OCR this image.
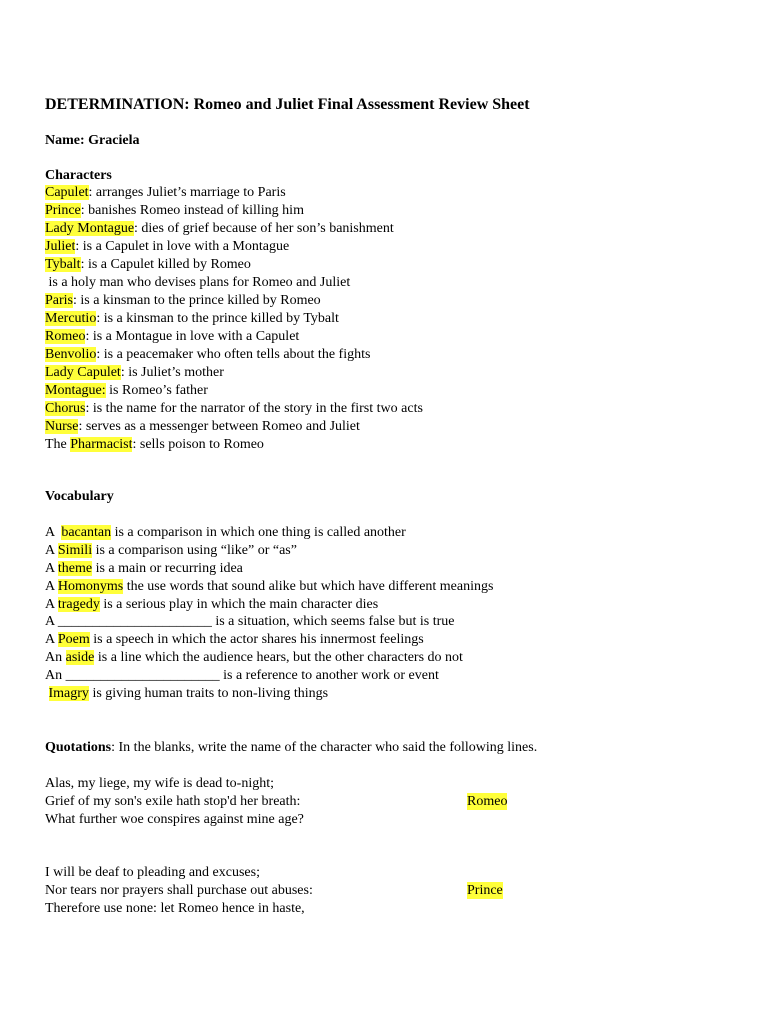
DETERMINATION: Romeo and Juliet Final Assessment Review Sheet
Name: Graciela
Characters
Capulet: arranges Juliet’s marriage to Paris
Prince: banishes Romeo instead of killing him
Lady Montague: dies of grief because of her son’s banishment
Juliet: is a Capulet in love with a Montague
Tybalt: is a Capulet killed by Romeo
is a holy man who devises plans for Romeo and Juliet
Paris: is a kinsman to the prince killed by Romeo
Mercutio: is a kinsman to the prince killed by Tybalt
Romeo: is a Montague in love with a Capulet
Benvolio: is a peacemaker who often tells about the fights
Lady Capulet: is Juliet’s mother
Montague: is Romeo’s father
Chorus: is the name for the narrator of the story in the first two acts
Nurse: serves as a messenger between Romeo and Juliet
The Pharmacist: sells poison to Romeo
Vocabulary
A  bacantan is a comparison in which one thing is called another
A Simili is a comparison using “like” or “as”
A theme is a main or recurring idea
A Homonyms the use words that sound alike but which have different meanings
A tragedy is a serious play in which the main character dies
A ______________________ is a situation, which seems false but is true
A Poem is a speech in which the actor shares his innermost feelings
An aside is a line which the audience hears, but the other characters do not
An ______________________ is a reference to another work or event
Imagry is giving human traits to non-living things
Quotations: In the blanks, write the name of the character who said the following lines.
Alas, my liege, my wife is dead to-night;
Grief of my son's exile hath stop'd her breath:	Romeo
What further woe conspires against mine age?
I will be deaf to pleading and excuses;
Nor tears nor prayers shall purchase out abuses:	Prince
Therefore use none: let Romeo hence in haste,
